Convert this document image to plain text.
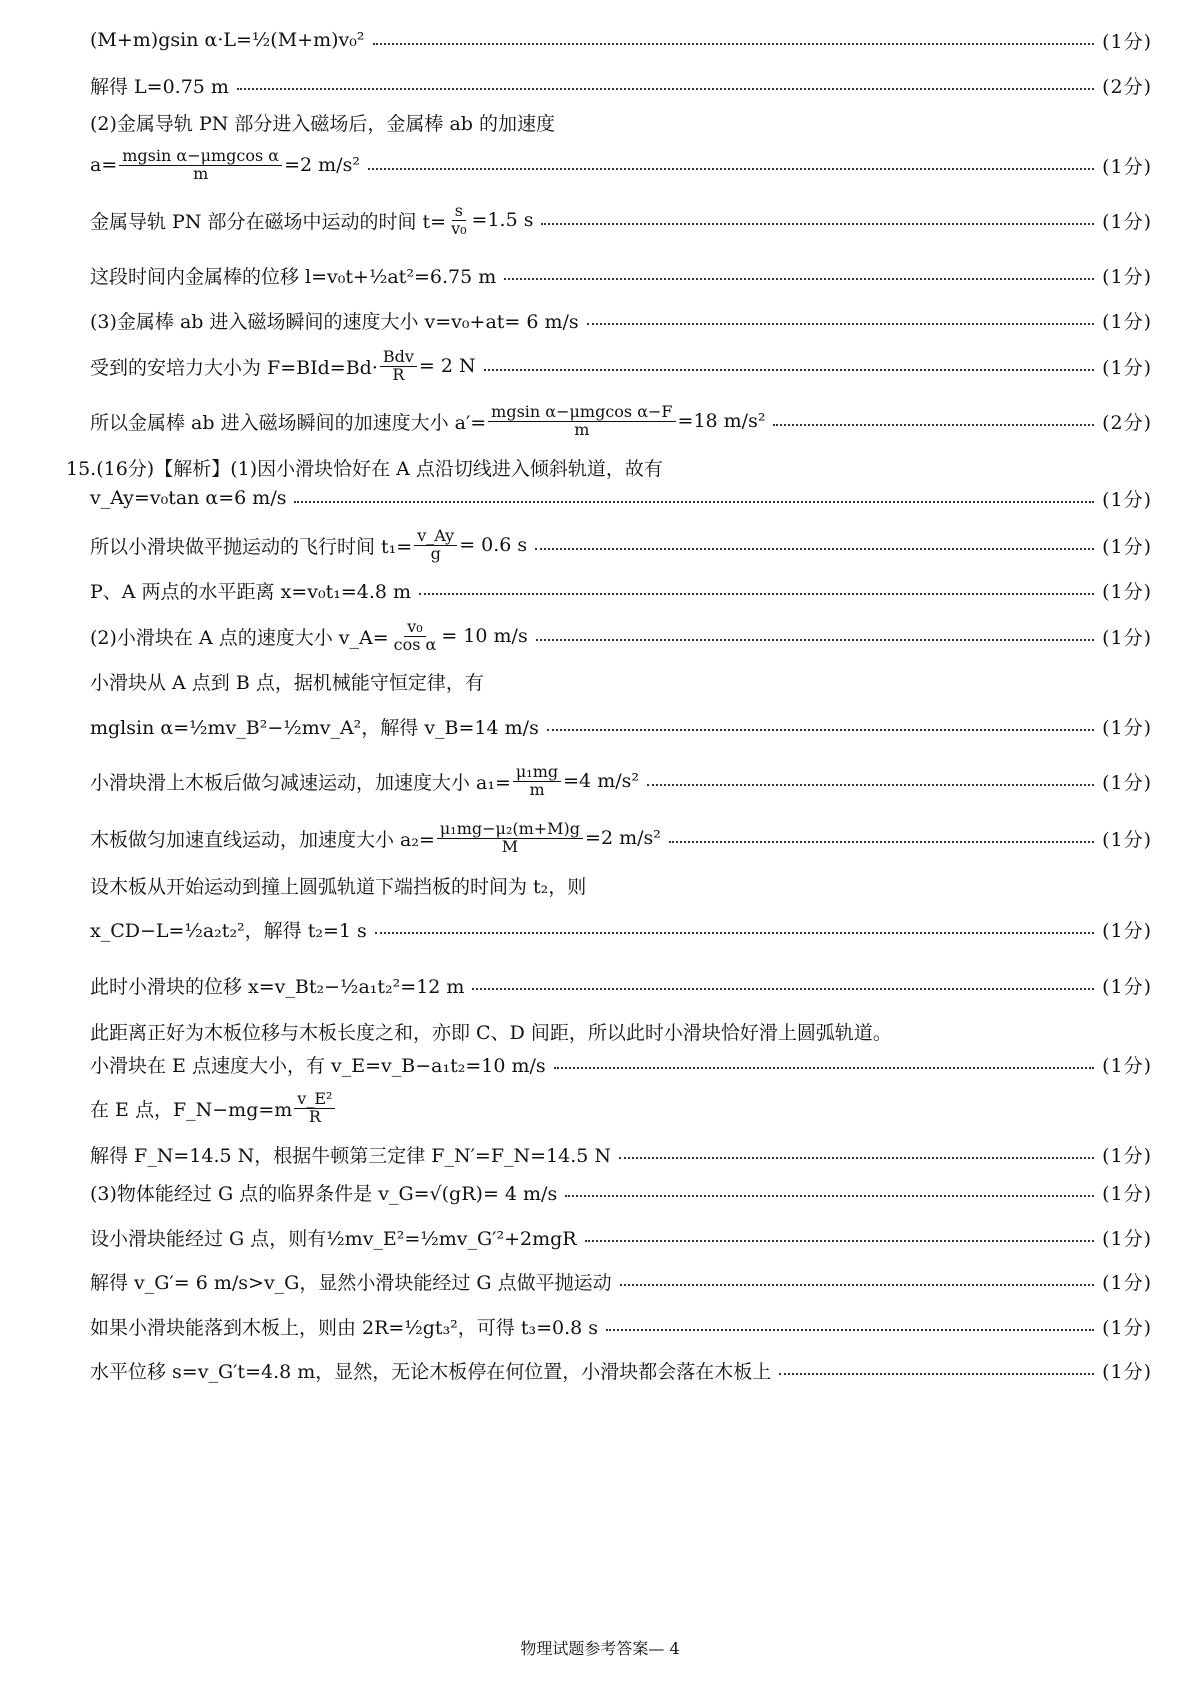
(M+m)gsin α·L=½(M+m)v₀²	(1分)
解得 L=0.75 m	(2分)
(2)金属导轨 PN 部分进入磁场后，金属棒 ab 的加速度
$a= \frac{\text{mgsin α−μmgcos α}}{m} =2$ m/s²	(1分)
金属导轨 PN 部分在磁场中运动的时间 $t= \frac{s}{\text{v₀}} =1.5$ s	(1分)
这段时间内金属棒的位移 l=v₀t+½at²=6.75 m	(1分)
(3)金属棒 ab 进入磁场瞬间的速度大小 v=v₀+at= 6 m/s	(1分)
受到的安培力大小为 $F=BId=Bd\cdot \frac{\text{Bdv}}{R} = 2$ N	(1分)
所以金属棒 ab 进入磁场瞬间的加速度大小 $a'= \frac{\text{mgsin α−μmgcos α−F}}{m} =18$ m/s²	(2分)
15.(16分)【解析】(1)因小滑块恰好在 A 点沿切线进入倾斜轨道，故有
v_Ay=v₀tan α=6 m/s	(1分)
所以小滑块做平抛运动的飞行时间 $t_1= \frac{v\_Ay}{g} = 0.6$ s	(1分)
P、A 两点的水平距离 x=v₀t₁=4.8 m	(1分)
(2)小滑块在 A 点的速度大小 v_A= $\frac{\text{v₀}}{\text{cos α}} = 10$ m/s	(1分)
小滑块从 A 点到 B 点，据机械能守恒定律，有
mglsin α=½mv_B²−½mv_A²，解得 v_B=14 m/s	(1分)
小滑块滑上木板后做匀减速运动，加速度大小 $a_1= \frac{\text{μ₁mg}}{m} =4$ m/s²	(1分)
木板做匀加速直线运动，加速度大小 $a_2= \frac{\text{μ₁mg−μ₂(m+M)g}}{M} =2$ m/s²	(1分)
设木板从开始运动到撞上圆弧轨道下端挡板的时间为 t₂，则
x_CD−L=½a₂t₂²，解得 t₂=1 s	(1分)
此时小滑块的位移 x=v_Bt₂−½a₁t₂²=12 m	(1分)
此距离正好为木板位移与木板长度之和，亦即 C、D 间距，所以此时小滑块恰好滑上圆弧轨道。
小滑块在 E 点速度大小，有 v_E=v_B−a₁t₂=10 m/s	(1分)
在 E 点，F_N−mg=m $\frac{\text{v\_E²}}{R}$
解得 F_N=14.5 N，根据牛顿第三定律 F_N′=F_N=14.5 N	(1分)
(3)物体能经过 G 点的临界条件是 v_G=√(gR)= 4 m/s	(1分)
设小滑块能经过 G 点，则有½mv_E²=½mv_G′²+2mgR	(1分)
解得 v_G′= 6 m/s>v_G，显然小滑块能经过 G 点做平抛运动	(1分)
如果小滑块能落到木板上，则由 2R=½gt₃²，可得 t₃=0.8 s	(1分)
水平位移 s=v_G′t=4.8 m，显然，无论木板停在何位置，小滑块都会落在木板上	(1分)
物理试题参考答案— 4
